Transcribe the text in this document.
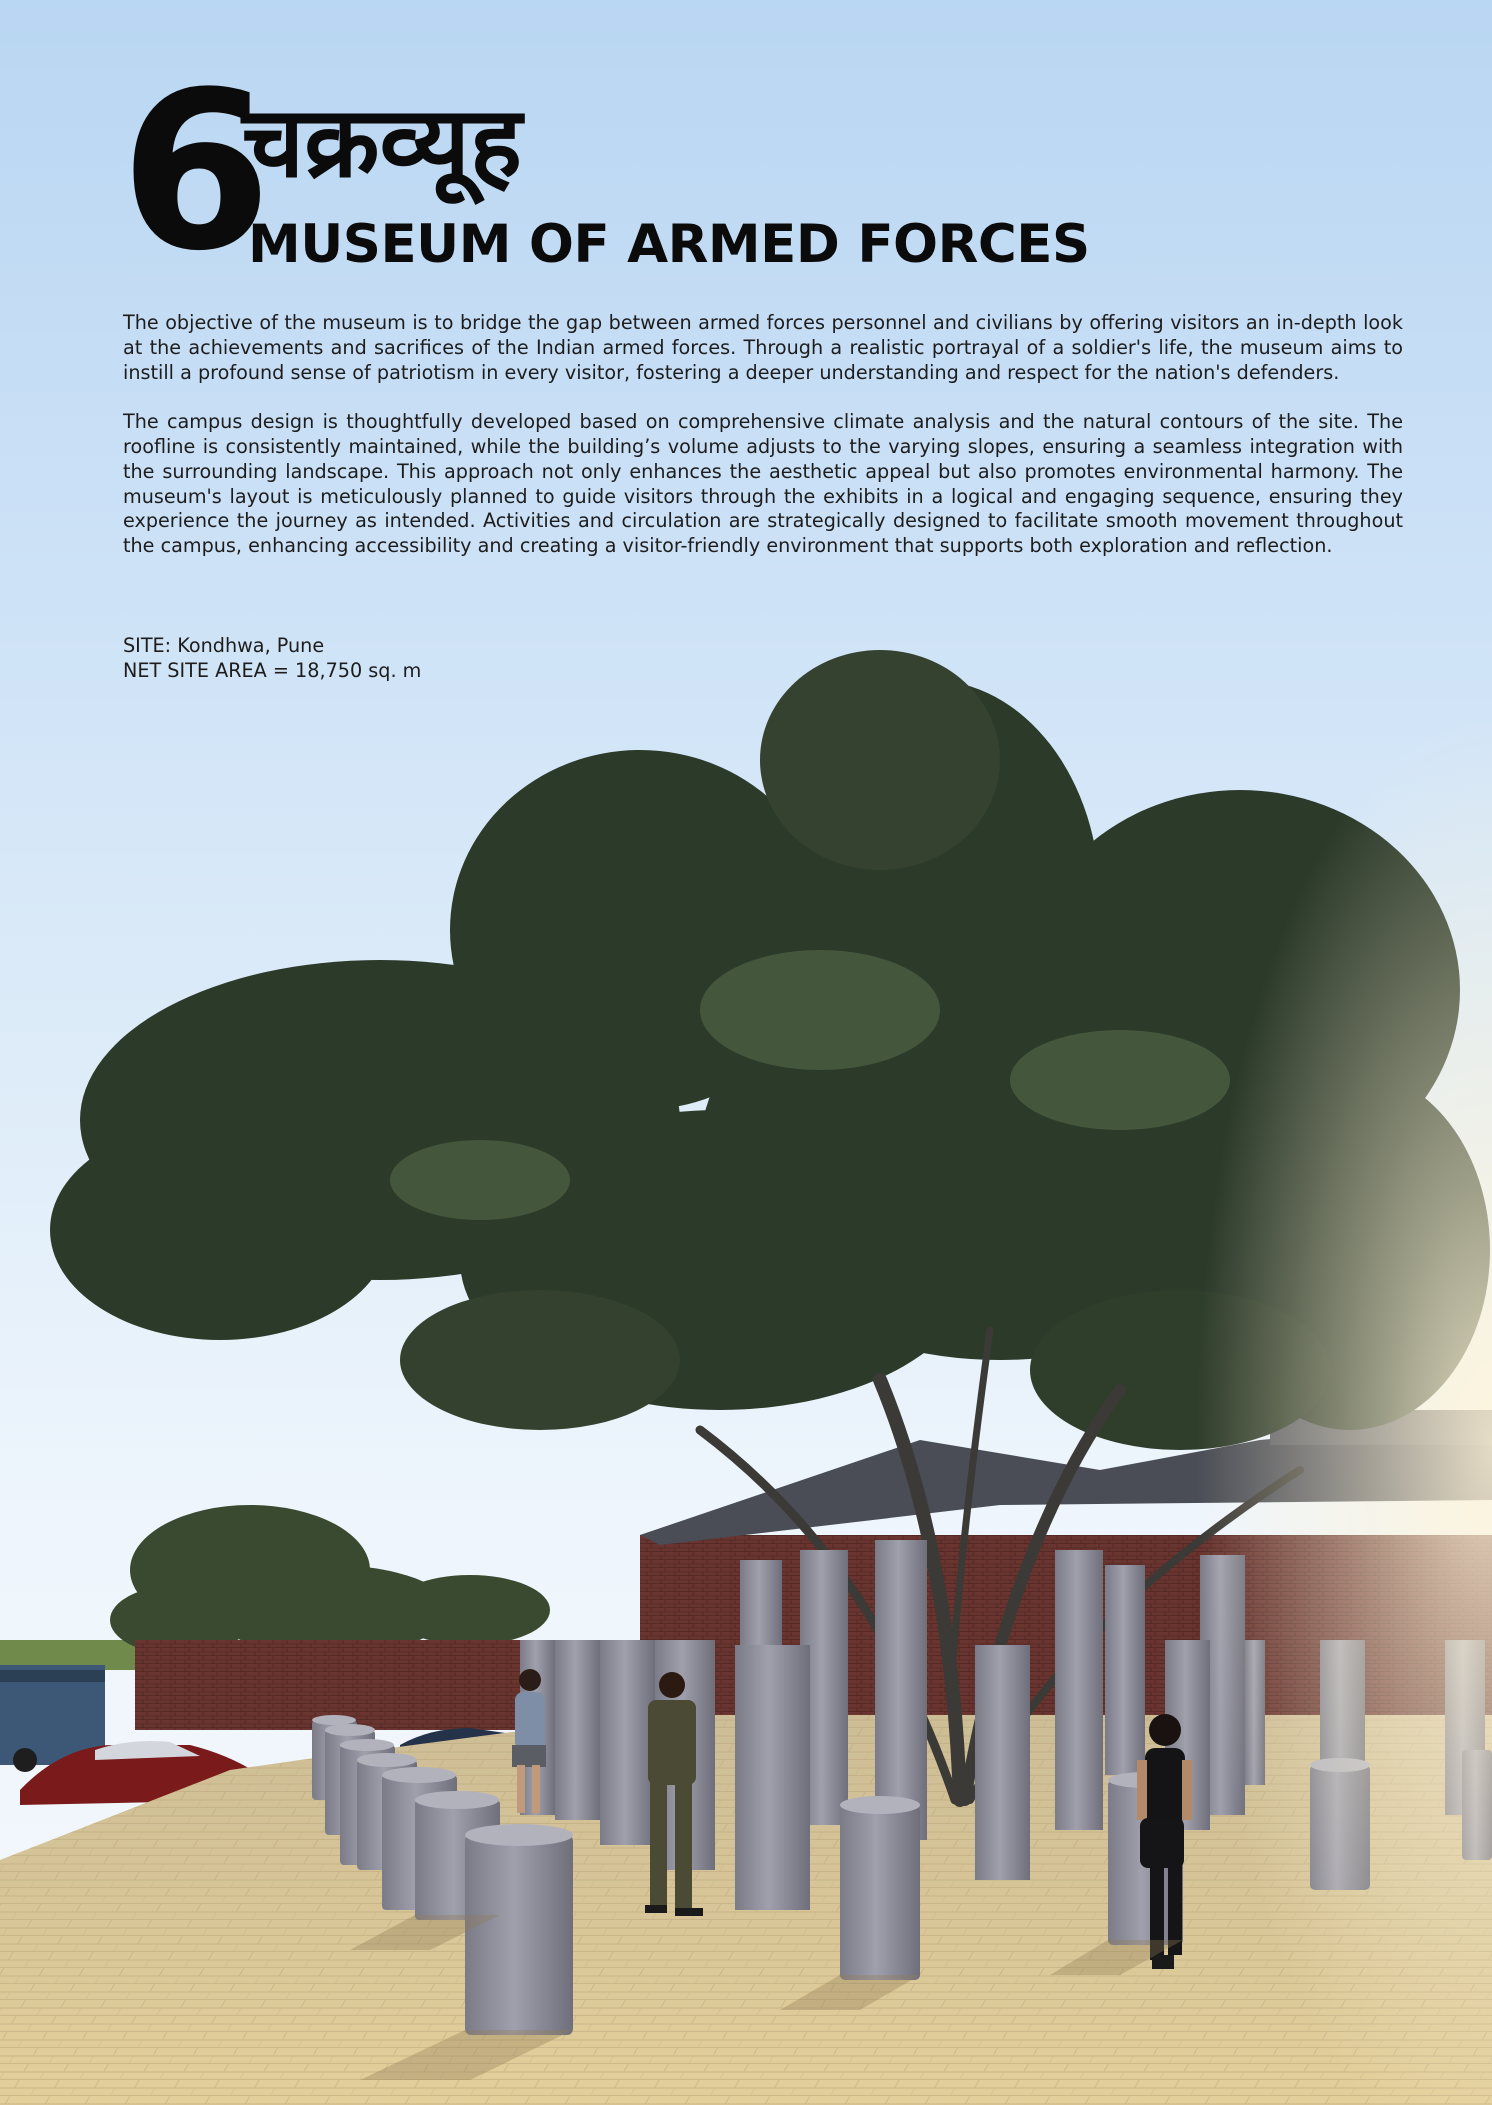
6
चक्रव्यूह
MUSEUM OF ARMED FORCES

The objective of the museum is to bridge the gap between armed forces personnel and civilians by offering visitors an in-depth look at the achievements and sacrifices of the Indian armed forces. Through a realistic portrayal of a soldier's life, the museum aims to instill a profound sense of patriotism in every visitor, fostering a deeper understanding and respect for the nation's defenders.

The campus design is thoughtfully developed based on comprehensive climate analysis and the natural contours of the site. The roofline is consistently maintained, while the building’s volume adjusts to the varying slopes, ensuring a seamless integration with the surrounding landscape. This approach not only enhances the aesthetic appeal but also promotes environmental harmony. The museum's layout is meticulously planned to guide visitors through the exhibits in a logical and engaging sequence, ensuring they experience the journey as intended. Activities and circulation are strategically designed to facilitate smooth movement throughout the campus, enhancing accessibility and creating a visitor-friendly environment that supports both exploration and reflection.

SITE: Kondhwa, Pune
NET SITE AREA = 18,750 sq. m
